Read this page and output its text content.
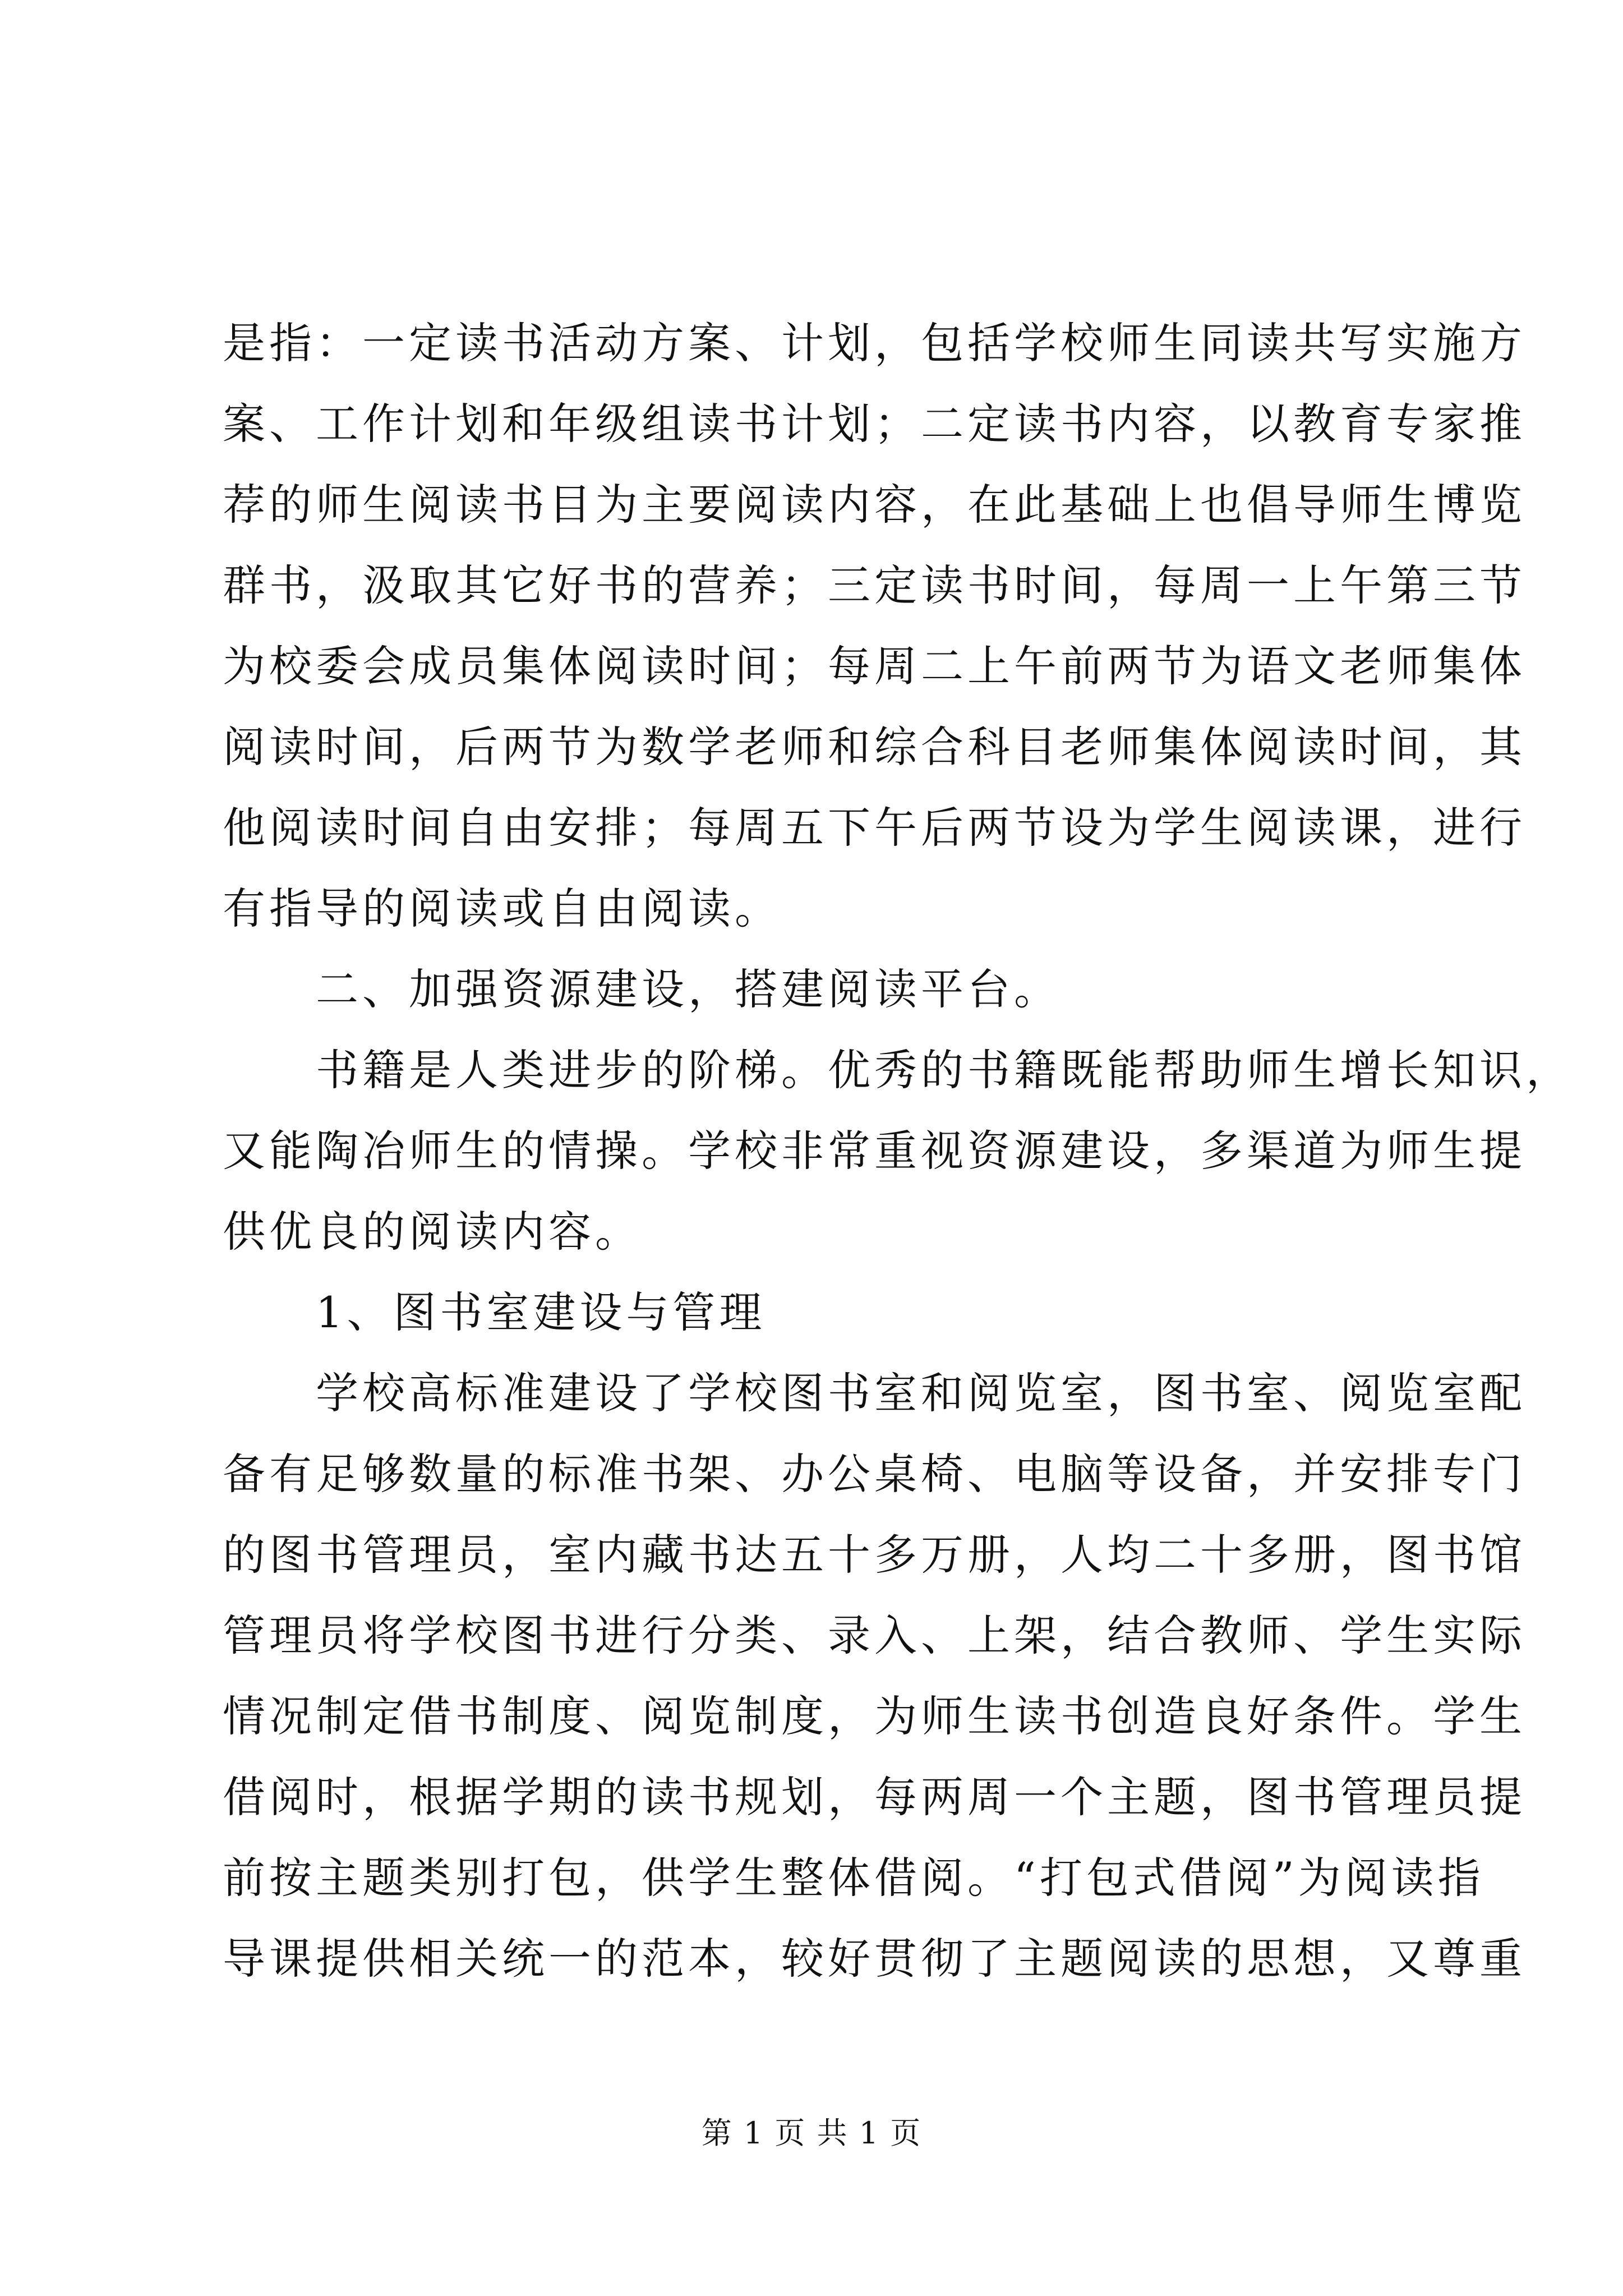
是指：一定读书活动方案、计划，包括学校师生同读共写实施方
案、工作计划和年级组读书计划；二定读书内容，以教育专家推
荐的师生阅读书目为主要阅读内容，在此基础上也倡导师生博览
群书，汲取其它好书的营养；三定读书时间，每周一上午第三节
为校委会成员集体阅读时间；每周二上午前两节为语文老师集体
阅读时间，后两节为数学老师和综合科目老师集体阅读时间，其
他阅读时间自由安排；每周五下午后两节设为学生阅读课，进行
有指导的阅读或自由阅读。
　　二、加强资源建设，搭建阅读平台。
　　书籍是人类进步的阶梯。优秀的书籍既能帮助师生增长知识，
又能陶冶师生的情操。学校非常重视资源建设，多渠道为师生提
供优良的阅读内容。
　　1、图书室建设与管理
　　学校高标准建设了学校图书室和阅览室，图书室、阅览室配
备有足够数量的标准书架、办公桌椅、电脑等设备，并安排专门
的图书管理员，室内藏书达五十多万册，人均二十多册，图书馆
管理员将学校图书进行分类、录入、上架，结合教师、学生实际
情况制定借书制度、阅览制度，为师生读书创造良好条件。学生
借阅时，根据学期的读书规划，每两周一个主题，图书管理员提
前按主题类别打包，供学生整体借阅。“打包式借阅”为阅读指
导课提供相关统一的范本，较好贯彻了主题阅读的思想，又尊重
第 1 页 共 1 页
